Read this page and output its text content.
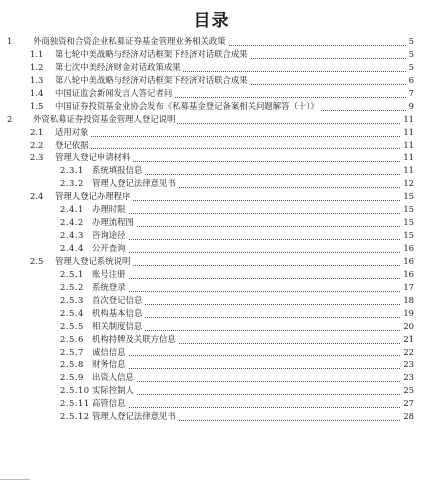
目录
1 外商独资和合资企业私募证券基金管理业务相关政策	5
1.1 第七轮中美战略与经济对话框架下经济对话联合成果	5
1.2 第七次中美经济财金对话政策成果	5
1.3 第八轮中美战略与经济对话框架下经济对话联合成果	6
1.4 中国证监会新闻发言人答记者问	7
1.5 中国证券投资基金业协会发布《私募基金登记备案相关问题解答（十）》	9
2 外资私募证券投资基金管理人登记说明	11
2.1 适用对象	11
2.2 登记依据	11
2.3 管理人登记申请材料	11
2.3.1 系统填报信息	11
2.3.2 管理人登记法律意见书	12
2.4 管理人登记办理程序	15
2.4.1 办理时限	15
2.4.2 办理流程图	15
2.4.3 咨询途径	15
2.4.4 公开查询	16
2.5 管理人登记系统说明	16
2.5.1 账号注册	16
2.5.2 系统登录	17
2.5.3 首次登记信息	18
2.5.4 机构基本信息	19
2.5.5 相关制度信息	20
2.5.6 机构持牌及关联方信息	21
2.5.7 诚信信息	22
2.5.8 财务信息	23
2.5.9 出资人信息	23
2.5.10 实际控制人	25
2.5.11 高管信息	27
2.5.12 管理人登记法律意见书	28
